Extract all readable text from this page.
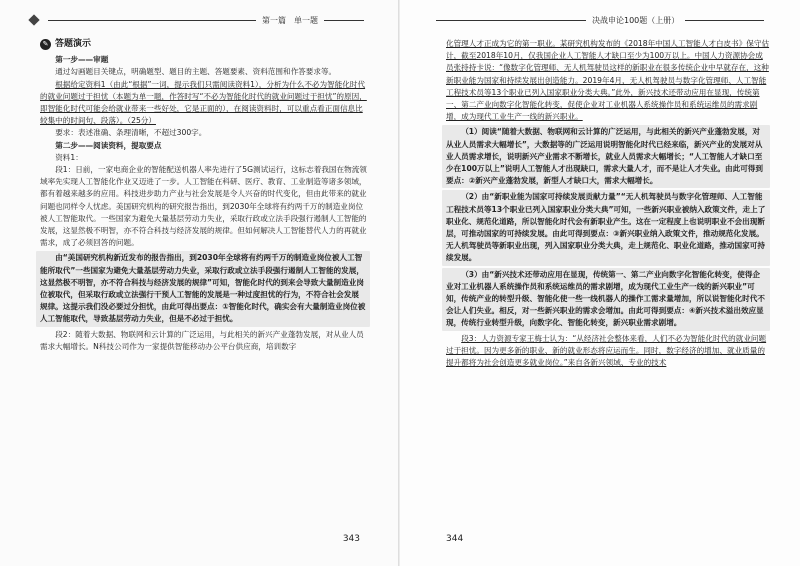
第一篇　单一题
✎ 答题演示

第一步——审题

通过勾画题目关键点，明确题型、题目的主题、答题要素、资料范围和作答要求等。

根据给定资料1（由此“根据”一词，提示我们只需阅读资料1），分析为什么不必为智能化时代的就业问题过于担忧（本题为单一题，作答时写“不必为智能化时代的就业问题过于担忧”的原因，即智能化时代可能会给就业带来一些好处，它是正面的），在阅读资料时，可以重点看正面信息比较集中的时间句、段落）。（25分）

要求：表述准确、条理清晰，不超过300字。

第二步——阅读资料，提取要点

资料1：

段1：日前，一家电商企业的智能配送机器人率先进行了5G测试运行，这标志着我国在物流领域率先实现人工智能化作业又迈进了一步。人工智能在科研、医疗、教育、工业制造等诸多领域，都有着越来越多的应用。科技进步助力产业与社会发展是令人兴奋的时代变化，但由此带来的就业问题也同样令人忧虑。美国研究机构的研究报告指出，到2030年全球将有约两千万的制造业岗位被人工智能取代。一些国家为避免大量基层劳动力失业，采取行政或立法手段强行遏制人工智能的发展，这显然极不明智，亦不符合科技与经济发展的规律。但如何解决人工智能替代人力的再就业需求，成了必须回答的问题。

由“美国研究机构新近发布的报告指出，到2030年全球将有约两千万的制造业岗位被人工智能所取代”一些国家为避免大量基层劳动力失业，采取行政或立法手段强行遏制人工智能的发展，这显然极不明智，亦不符合科技与经济发展的规律”可知，智能化时代的到来会导致大量制造业岗位被取代，但采取行政或立法强行干预人工智能的发展是一种过度担忧的行为，不符合社会发展规律。这提示我们没必要过分担忧，由此可得出要点：①智能化时代，确实会有大量制造业岗位被人工智能取代，导致基层劳动力失业，但是不必过于担忧。

段2：随着大数据、物联网和云计算的广泛运用，与此相关的新兴产业蓬勃发展，对从业人员需求大幅增长。N科技公司作为一家提供智能移动办公平台供应商，培训数字

343
决战申论100题（上册）

化管理人才正成为它的第一职业。某研究机构发布的《2018年中国人工智能人才白皮书》保守估计，截至2018年10月，仅我国企业人工智能人才缺口至少为100万以上。中国人力资源协会成员张持持卡说：“像数字化管理师、无人机驾驶员这样的新职业在很多传统企业中早就存在，这种新职业能为国家和持续发展出创造能力。2019年4月，无人机驾驶员与数字化管理师、人工智能工程技术员等13个职业已列入国家职业分类大典。”此外，新兴技术还带动应用在显现，传统第一、第二产业向数字化智能化转变，促使企业对工业机器人系统操作员和系统运维员的需求剧增，成为现代工业生产一线的新兴职业。

（1）阅读“随着大数据、物联网和云计算的广泛运用，与此相关的新兴产业蓬勃发展，对从业人员需求大幅增长”，大数据等的广泛运用说明智能化时代已经来临，新兴产业的发展对从业人员需求增长，说明新兴产业需求不断增长，就业人员需求大幅增长；“人工智能人才缺口至少在100万以上”说明人工智能人才出现缺口，需求大量人才，而不是让人才失业。由此可得到要点：②新兴产业蓬勃发展，新型人才缺口大，需求大幅增长。

（2）由“新职业能为国家可持续发展贡献力量”“无人机驾驶员与数字化管理师、人工智能工程技术员等13个职业已列入国家职业分类大典”可知，一些新兴职业被纳入政策文件，走上了职业化、规范化道路，所以智能化时代会有新职业产生。这在一定程度上也说明职业不会出现断层，可推动国家的可持续发展。由此可得到要点：③新兴职业纳入政策文件，推动规范化发展。无人机驾驶员等新职业出现，列入国家职业分类大典，走上规范化、职业化道路，推动国家可持续发展。

（3）由“新兴技术还带动应用在显现，传统第一、第二产业向数字化智能化转变，使得企业对工业机器人系统操作员和系统运维员的需求剧增，成为现代工业生产一线的新兴职业”可知，传统产业的转型升级、智能化使一些一线机器人的操作工需求量增加，所以说智能化时代不会让人们失业。相反，对一些新兴职业的需求会增加。由此可得到要点：④新兴技术溢出效应显现，传统行业转型升级，向数字化、智能化转变，新兴职业需求剧增。

段3：人力资源专家王梅士认为：“从经济社会整体来看，人们不必为智能化时代的就业问题过于担忧。因为更多新的职业、新的就业形态将应运而生。同时，数字经济的增加、就业质量的提升都将为社会创造更多就业岗位。”来自各新兴领域、专业的技术

344
